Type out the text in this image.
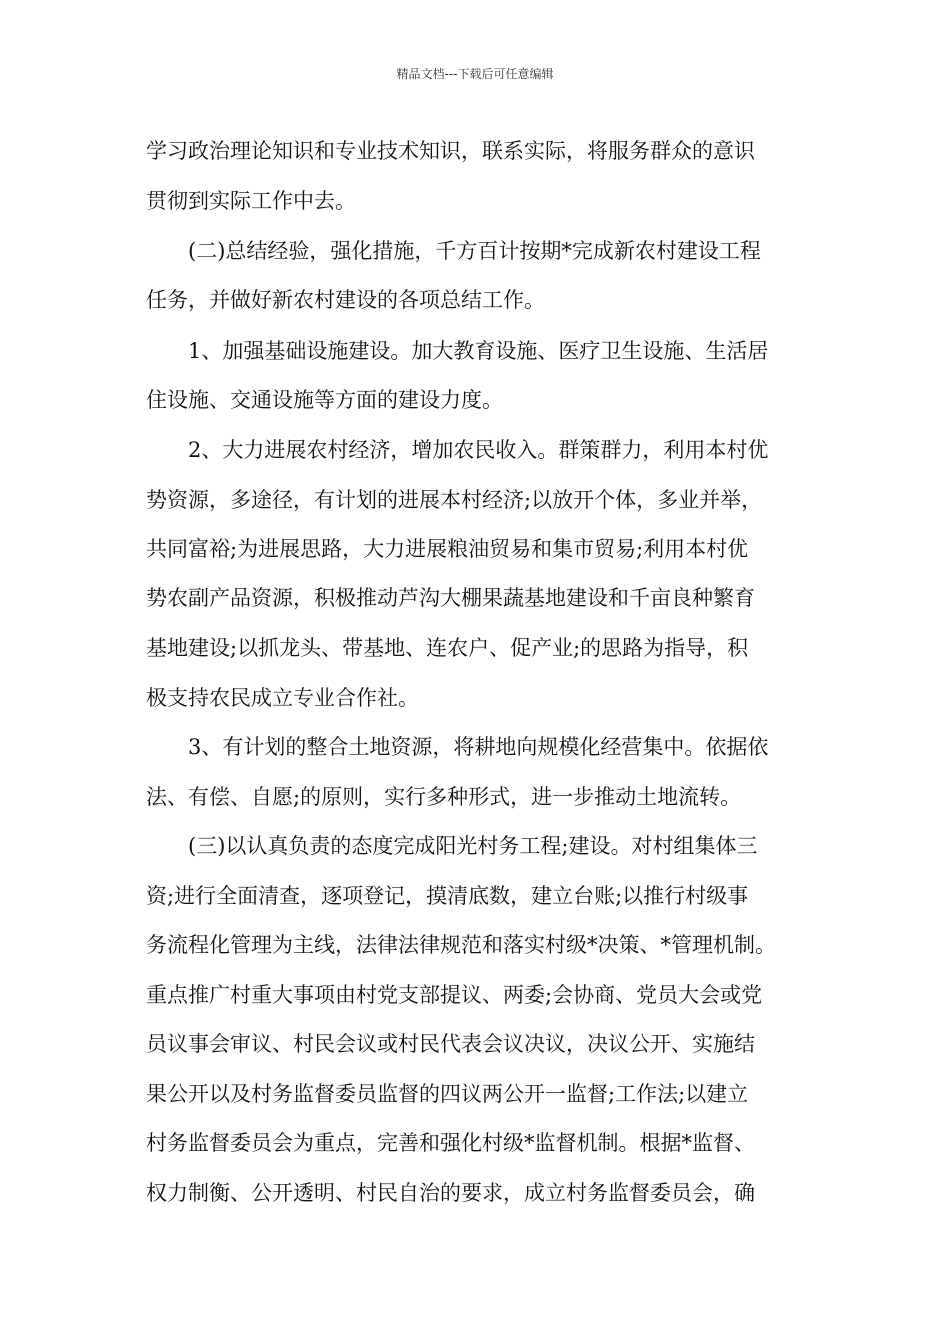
精品文档---下载后可任意编辑
学习政治理论知识和专业技术知识，联系实际，将服务群众的意识
贯彻到实际工作中去。
(二)总结经验，强化措施，千方百计按期*完成新农村建设工程
任务，并做好新农村建设的各项总结工作。
1、加强基础设施建设。加大教育设施、医疗卫生设施、生活居
住设施、交通设施等方面的建设力度。
2、大力进展农村经济，增加农民收入。群策群力，利用本村优
势资源，多途径，有计划的进展本村经济;以放开个体，多业并举，
共同富裕;为进展思路，大力进展粮油贸易和集市贸易;利用本村优
势农副产品资源，积极推动芦沟大棚果蔬基地建设和千亩良种繁育
基地建设;以抓龙头、带基地、连农户、促产业;的思路为指导，积
极支持农民成立专业合作社。
3、有计划的整合土地资源，将耕地向规模化经营集中。依据依
法、有偿、自愿;的原则，实行多种形式，进一步推动土地流转。
(三)以认真负责的态度完成阳光村务工程;建设。对村组集体三
资;进行全面清查，逐项登记，摸清底数，建立台账;以推行村级事
务流程化管理为主线，法律法律规范和落实村级*决策、*管理机制。
重点推广村重大事项由村党支部提议、两委;会协商、党员大会或党
员议事会审议、村民会议或村民代表会议决议，决议公开、实施结
果公开以及村务监督委员监督的四议两公开一监督;工作法;以建立
村务监督委员会为重点，完善和强化村级*监督机制。根据*监督、
权力制衡、公开透明、村民自治的要求，成立村务监督委员会，确
